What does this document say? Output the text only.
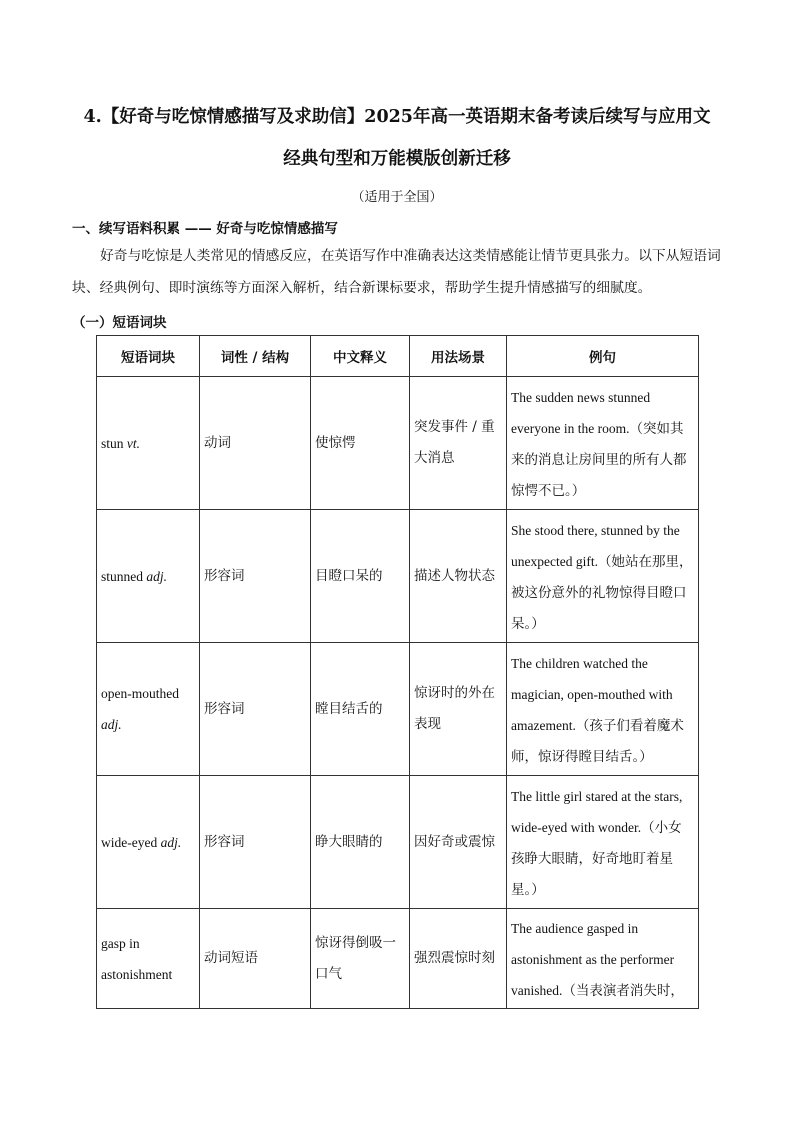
4.【好奇与吃惊情感描写及求助信】2025年高一英语期末备考读后续写与应用文
经典句型和万能模版创新迁移
（适用于全国）
一、续写语料积累 —— 好奇与吃惊情感描写
好奇与吃惊是人类常见的情感反应，在英语写作中准确表达这类情感能让情节更具张力。以下从短语词块、经典例句、即时演练等方面深入解析，结合新课标要求，帮助学生提升情感描写的细腻度。
（一）短语词块
短语词块	词性 / 结构	中文释义	用法场景	例句
stun vt.	动词	使惊愕	突发事件 / 重大消息	The sudden news stunned everyone in the room.（突如其来的消息让房间里的所有人都惊愕不已。）
stunned adj.	形容词	目瞪口呆的	描述人物状态	She stood there, stunned by the unexpected gift.（她站在那里，被这份意外的礼物惊得目瞪口呆。）
open-mouthed adj.	形容词	瞠目结舌的	惊讶时的外在表现	The children watched the magician, open-mouthed with amazement.（孩子们看着魔术师，惊讶得瞠目结舌。）
wide-eyed adj.	形容词	睁大眼睛的	因好奇或震惊	The little girl stared at the stars, wide-eyed with wonder.（小女孩睁大眼睛，好奇地盯着星星。）
gasp in astonishment	动词短语	惊讶得倒吸一口气	强烈震惊时刻	The audience gasped in astonishment as the performer vanished.（当表演者消失时，
